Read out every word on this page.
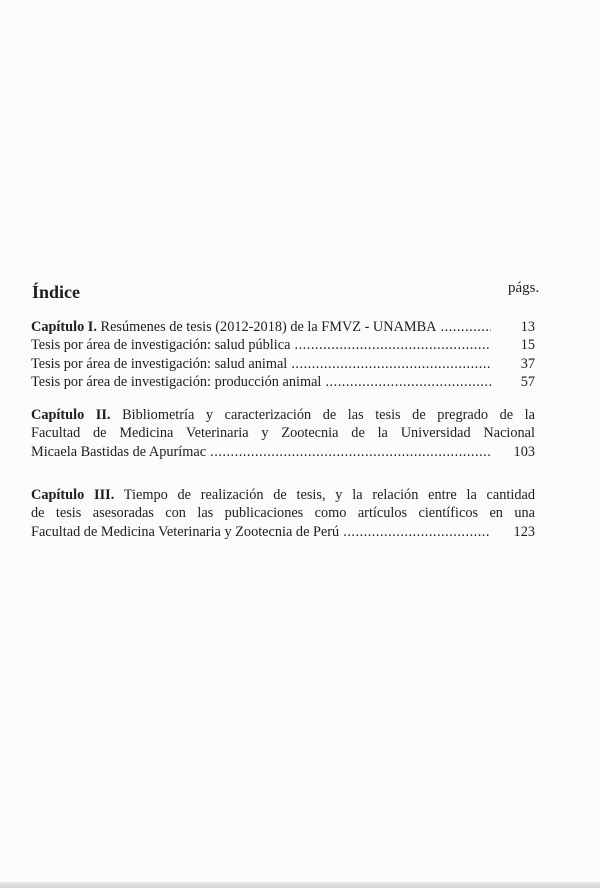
Índice	págs.
Capítulo I. Resúmenes de tesis (2012-2018) de la FMVZ - UNAMBA .....	13
Tesis por área de investigación: salud pública .....	15
Tesis por área de investigación: salud animal .....	37
Tesis por área de investigación: producción animal .....	57
Capítulo II. Bibliometría y caracterización de las tesis de pregrado de la
Facultad de Medicina Veterinaria y Zootecnia de la Universidad Nacional
Micaela Bastidas de Apurímac .....	103
Capítulo III. Tiempo de realización de tesis, y la relación entre la cantidad
de tesis asesoradas con las publicaciones como artículos científicos en una
Facultad de Medicina Veterinaria y Zootecnia de Perú .....	123
